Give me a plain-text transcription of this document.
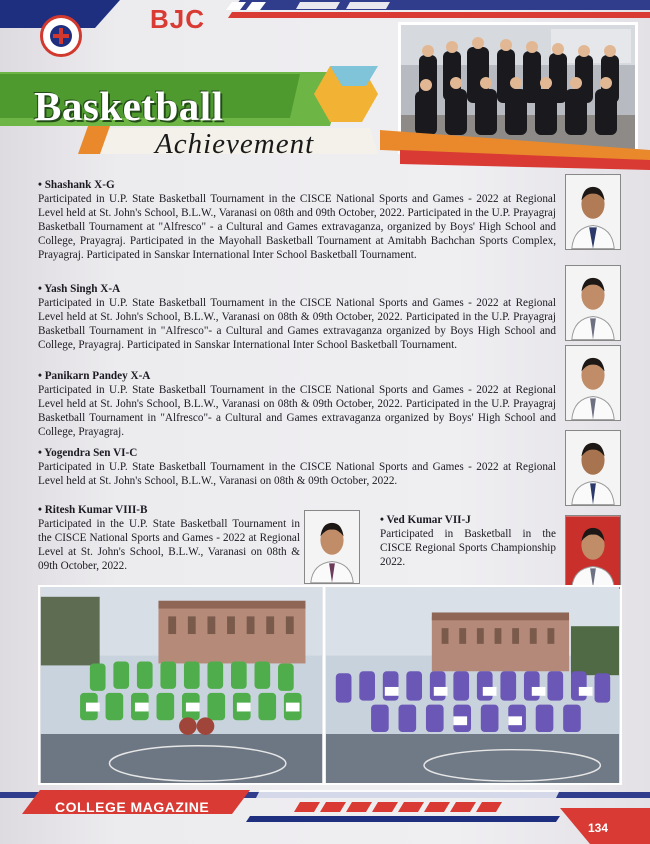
BJC
Basketball
Achievement
• Shashank X-G
Participated in U.P. State Basketball Tournament in the CISCE National Sports and Games - 2022 at Regional Level held at St. John's School, B.L.W., Varanasi on 08th and 09th October, 2022. Participated in the U.P. Prayagraj Basketball Tournament at "Alfresco" - a Cultural and Games extravaganza, organized by Boys' High School and College, Prayagraj. Participated in the Mayohall Basketball Tournament at Amitabh Bachchan Sports Complex, Prayagraj. Participated in Sanskar International Inter School Basketball Tournament.
• Yash Singh X-A
Participated in U.P. State Basketball Tournament in the CISCE National Sports and Games - 2022 at Regional Level held at St. John's School, B.L.W., Varanasi on 08th & 09th October, 2022. Participated in the U.P. Prayagraj Basketball Tournament in "Alfresco"- a Cultural and Games extravaganza organized by Boys High School and College, Prayagraj. Participated in Sanskar International Inter School Basketball Tournament.
• Panikarn Pandey X-A
Participated in U.P. State Basketball Tournament in the CISCE National Sports and Games - 2022 at Regional Level held at St. John's School, B.L.W., Varanasi on 08th & 09th October, 2022. Participated in the U.P. Prayagraj Basketball Tournament in "Alfresco"- a Cultural and Games extravaganza organized by Boys' High School and College, Prayagraj.
• Yogendra Sen VI-C
Participated in U.P. State Basketball Tournament in the CISCE National Sports and Games - 2022 at Regional Level held at St. John's School, B.L.W., Varanasi on 08th & 09th October, 2022.
• Ritesh Kumar VIII-B
Participated in the U.P. State Basketball Tournament in the CISCE National Sports and Games - 2022 at Regional Level at St. John's School, B.L.W., Varanasi on 08th & 09th October, 2022.
• Ved Kumar VII-J
Participated in Basketball in the CISCE Regional Sports Championship 2022.
COLLEGE MAGAZINE
134
